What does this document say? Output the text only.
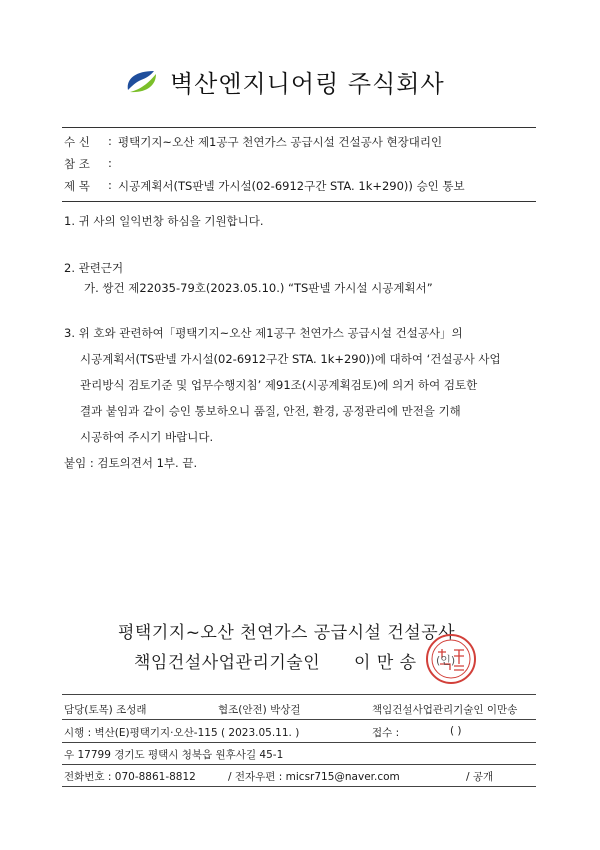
벽산엔지니어링 주식회사
수 신 : 평택기지~오산 제1공구 천연가스 공급시설 건설공사 현장대리인
참 조 :
제 목 : 시공계획서(TS판넬 가시설(02-6912구간 STA. 1k+290)) 승인 통보
1. 귀 사의 일익번창 하심을 기원합니다.
2. 관련근거
가. 쌍건 제22035-79호(2023.05.10.) “TS판넬 가시설 시공계획서”
3. 위 호와 관련하여「평택기지~오산 제1공구 천연가스 공급시설 건설공사」의
시공계획서(TS판넬 가시설(02-6912구간 STA. 1k+290))에 대하여 ‘건설공사 사업
관리방식 검토기준 및 업무수행지침’ 제91조(시공계획검토)에 의거 하여 검토한
결과 붙임과 같이 승인 통보하오니 품질, 안전, 환경, 공정관리에 만전을 기해
시공하여 주시기 바랍니다.
붙임 : 검토의견서 1부. 끝.
평택기지~오산 천연가스 공급시설 건설공사
책임건설사업관리기술인 이 만 송 (인)
담당(토목) 조성래	협조(안전) 박상걸	책임건설사업관리기술인 이만송
시행 : 벽산(E)평택기지·오산-115 ( 2023.05.11. )	접수 :	( )
우 17799 경기도 평택시 청북읍 원후사길 45-1
전화번호 : 070-8861-8812	/ 전자우편 : micsr715@naver.com	/ 공개
